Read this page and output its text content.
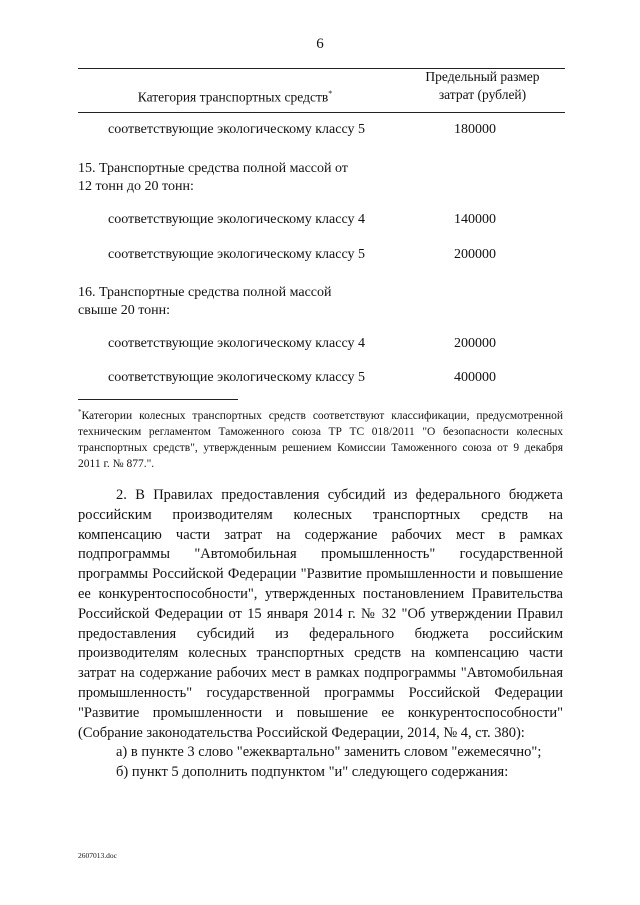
6
Категория транспортных средств*
Предельный размер
затрат (рублей)
соответствующие экологическому классу 5	180000
15. Транспортные средства полной массой от
12 тонн до 20 тонн:
соответствующие экологическому классу 4	140000
соответствующие экологическому классу 5	200000
16. Транспортные средства полной массой
свыше 20 тонн:
соответствующие экологическому классу 4	200000
соответствующие экологическому классу 5	400000
*Категории колесных транспортных средств соответствуют классификации, предусмотренной техническим регламентом Таможенного союза ТР ТС 018/2011 "О безопасности колесных транспортных средств", утвержденным решением Комиссии Таможенного союза от 9 декабря 2011 г. № 877.".

2. В Правилах предоставления субсидий из федерального бюджета российским производителям колесных транспортных средств на компенсацию части затрат на содержание рабочих мест в рамках подпрограммы "Автомобильная промышленность" государственной программы Российской Федерации "Развитие промышленности и повышение ее конкурентоспособности", утвержденных постановлением Правительства Российской Федерации от 15 января 2014 г. № 32 "Об утверждении Правил предоставления субсидий из федерального бюджета российским производителям колесных транспортных средств на компенсацию части затрат на содержание рабочих мест в рамках подпрограммы "Автомобильная промышленность" государственной программы Российской Федерации "Развитие промышленности и повышение ее конкурентоспособности" (Собрание законодательства Российской Федерации, 2014, № 4, ст. 380):

а) в пункте 3 слово "ежеквартально" заменить словом "ежемесячно";

б) пункт 5 дополнить подпунктом "и" следующего содержания:

2607013.doc
